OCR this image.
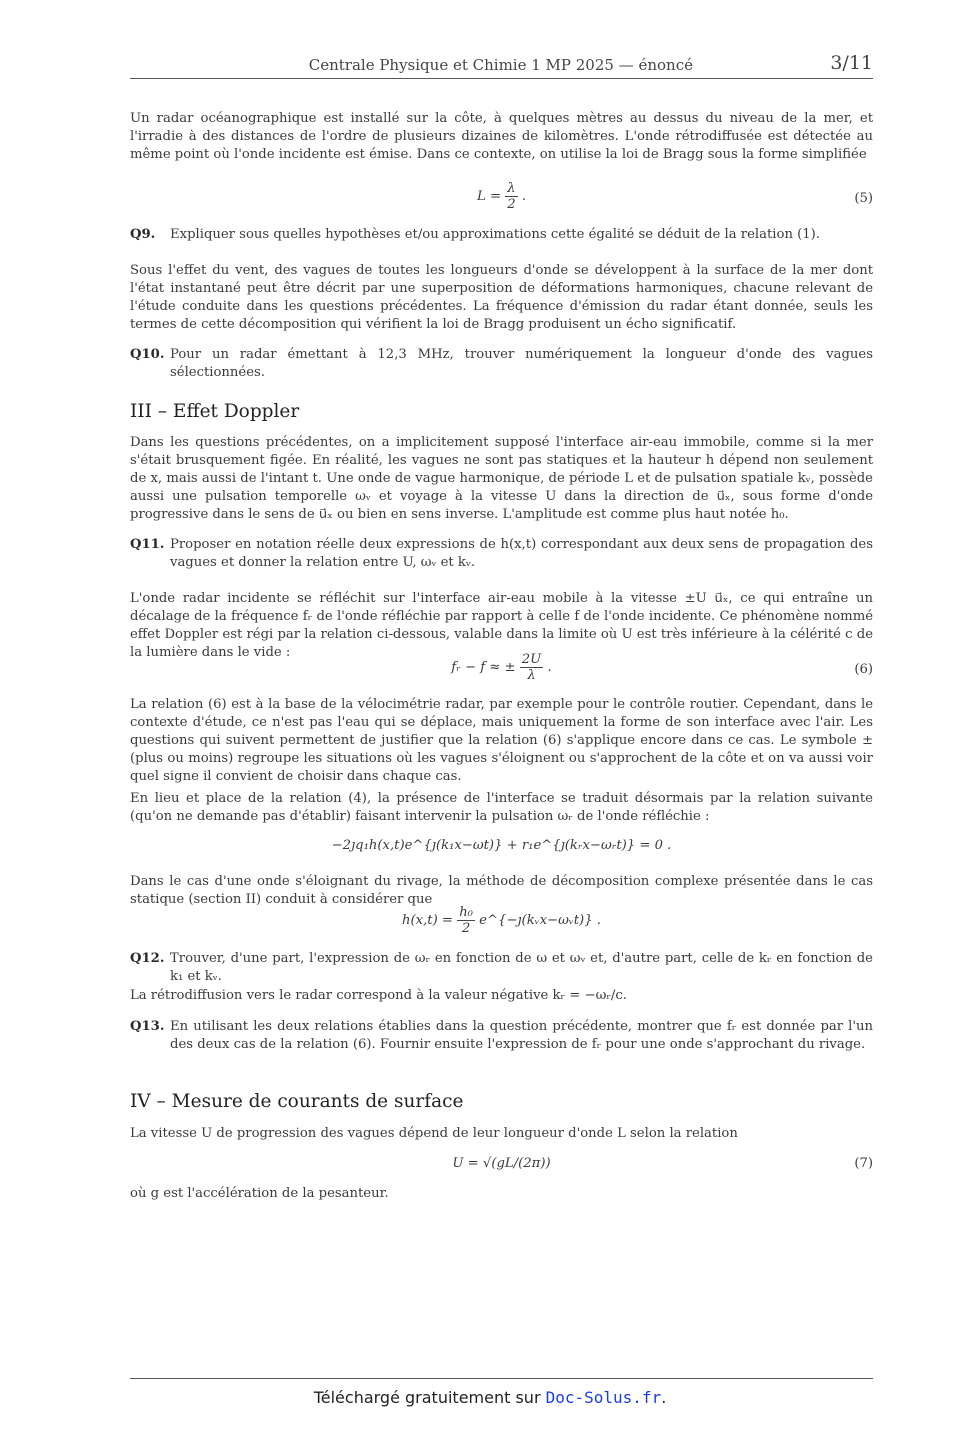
Centrale Physique et Chimie 1 MP 2025 — énoncé	3/11
Un radar océanographique est installé sur la côte, à quelques mètres au dessus du niveau de la mer, et l'irradie à des distances de l'ordre de plusieurs dizaines de kilomètres. L'onde rétrodiffusée est détectée au même point où l'onde incidente est émise. Dans ce contexte, on utilise la loi de Bragg sous la forme simplifiée
$L = \frac{\lambda}{2}$ .	(5)
Q9. Expliquer sous quelles hypothèses et/ou approximations cette égalité se déduit de la relation (1).
Sous l'effet du vent, des vagues de toutes les longueurs d'onde se développent à la surface de la mer dont l'état instantané peut être décrit par une superposition de déformations harmoniques, chacune relevant de l'étude conduite dans les questions précédentes. La fréquence d'émission du radar étant donnée, seuls les termes de cette décomposition qui vérifient la loi de Bragg produisent un écho significatif.
Q10. Pour un radar émettant à 12,3 MHz, trouver numériquement la longueur d'onde des vagues sélectionnées.
III – Effet Doppler
Dans les questions précédentes, on a implicitement supposé l'interface air-eau immobile, comme si la mer s'était brusquement figée. En réalité, les vagues ne sont pas statiques et la hauteur h dépend non seulement de x, mais aussi de l'intant t. Une onde de vague harmonique, de période L et de pulsation spatiale kᵥ, possède aussi une pulsation temporelle ωᵥ et voyage à la vitesse U dans la direction de u⃗ₓ, sous forme d'onde progressive dans le sens de u⃗ₓ ou bien en sens inverse. L'amplitude est comme plus haut notée h₀.
Q11. Proposer en notation réelle deux expressions de h(x,t) correspondant aux deux sens de propagation des vagues et donner la relation entre U, ωᵥ et kᵥ.
L'onde radar incidente se réfléchit sur l'interface air-eau mobile à la vitesse ±U u⃗ₓ, ce qui entraîne un décalage de la fréquence fᵣ de l'onde réfléchie par rapport à celle f de l'onde incidente. Ce phénomène nommé effet Doppler est régi par la relation ci-dessous, valable dans la limite où U est très inférieure à la célérité c de la lumière dans le vide :
fᵣ − f ≈ ± $\frac{2U}{\lambda}$ .	(6)
La relation (6) est à la base de la vélocimétrie radar, par exemple pour le contrôle routier. Cependant, dans le contexte d'étude, ce n'est pas l'eau qui se déplace, mais uniquement la forme de son interface avec l'air. Les questions qui suivent permettent de justifier que la relation (6) s'applique encore dans ce cas. Le symbole ± (plus ou moins) regroupe les situations où les vagues s'éloignent ou s'approchent de la côte et on va aussi voir quel signe il convient de choisir dans chaque cas.
En lieu et place de la relation (4), la présence de l'interface se traduit désormais par la relation suivante (qu'on ne demande pas d'établir) faisant intervenir la pulsation ωᵣ de l'onde réfléchie :
−2ȷq₁h(x,t)e^{ȷ(k₁x−ωt)} + r₁e^{ȷ(kᵣx−ωᵣt)} = 0 .
Dans le cas d'une onde s'éloignant du rivage, la méthode de décomposition complexe présentée dans le cas statique (section II) conduit à considérer que
$h(x,t) = \frac{\text{h₀}}{2}$ e^{−ȷ(kᵥx−ωᵥt)} .
Q12. Trouver, d'une part, l'expression de ωᵣ en fonction de ω et ωᵥ et, d'autre part, celle de kᵣ en fonction de k₁ et kᵥ.
La rétrodiffusion vers le radar correspond à la valeur négative kᵣ = −ωᵣ/c.
Q13. En utilisant les deux relations établies dans la question précédente, montrer que fᵣ est donnée par l'un des deux cas de la relation (6). Fournir ensuite l'expression de fᵣ pour une onde s'approchant du rivage.
IV – Mesure de courants de surface
La vitesse U de progression des vagues dépend de leur longueur d'onde L selon la relation
U = √(gL/(2π))	(7)
où g est l'accélération de la pesanteur.
Téléchargé gratuitement sur Doc-Solus.fr.
